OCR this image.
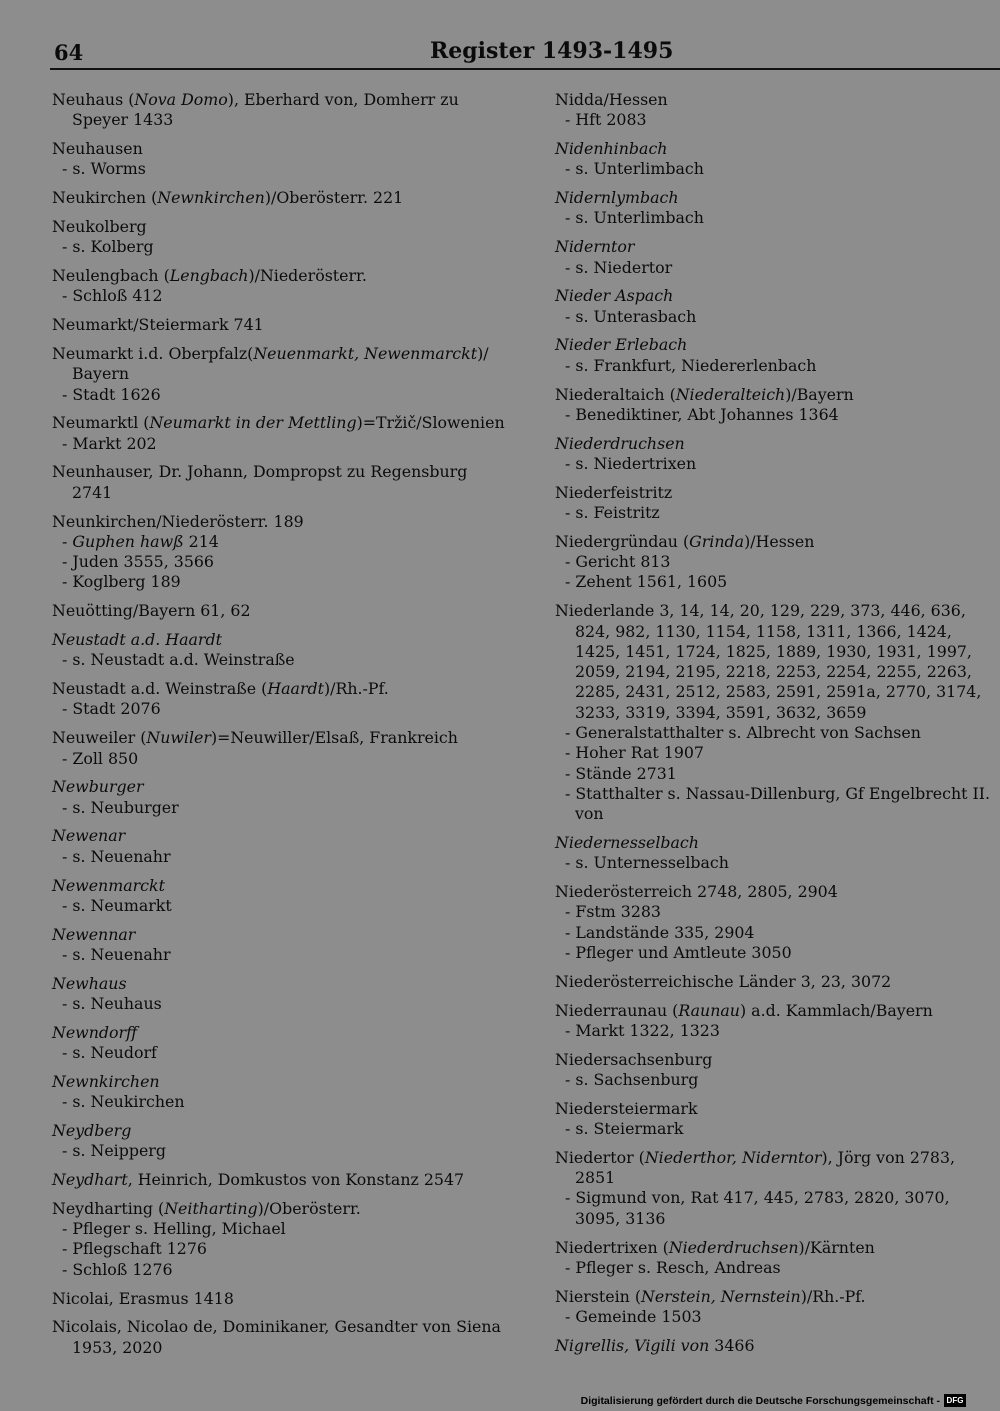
64	Register 1493-1495
Neuhaus (Nova Domo), Eberhard von, Domherr zu Speyer 1433
Neuhausen
- s. Worms
Neukirchen (Newnkirchen)/Oberösterr. 221
Neukolberg
- s. Kolberg
Neulengbach (Lengbach)/Niederösterr.
- Schloß 412
Neumarkt/Steiermark 741
Neumarkt i.d. Oberpfalz(Neuenmarkt, Newenmarckt)/ Bayern
- Stadt 1626
Neumarktl (Neumarkt in der Mettling)=Tržič/Slowenien
- Markt 202
Neunhauser, Dr. Johann, Dompropst zu Regensburg 2741
Neunkirchen/Niederösterr. 189
- Guphen hawß 214
- Juden 3555, 3566
- Koglberg 189
Neuötting/Bayern 61, 62
Neustadt a.d. Haardt
- s. Neustadt a.d. Weinstraße
Neustadt a.d. Weinstraße (Haardt)/Rh.-Pf.
- Stadt 2076
Neuweiler (Nuwiler)=Neuwiller/Elsaß, Frankreich
- Zoll 850
Newburger
- s. Neuburger
Newenar
- s. Neuenahr
Newenmarckt
- s. Neumarkt
Newennar
- s. Neuenahr
Newhaus
- s. Neuhaus
Newndorff
- s. Neudorf
Newnkirchen
- s. Neukirchen
Neydberg
- s. Neipperg
Neydhart, Heinrich, Domkustos von Konstanz 2547
Neydharting (Neitharting)/Oberösterr.
- Pfleger s. Helling, Michael
- Pflegschaft 1276
- Schloß 1276
Nicolai, Erasmus 1418
Nicolais, Nicolao de, Dominikaner, Gesandter von Siena 1953, 2020
Nidda/Hessen
- Hft 2083
Nidenhinbach
- s. Unterlimbach
Nidernlymbach
- s. Unterlimbach
Niderntor
- s. Niedertor
Nieder Aspach
- s. Unterasbach
Nieder Erlebach
- s. Frankfurt, Niedererlenbach
Niederaltaich (Niederalteich)/Bayern
- Benediktiner, Abt Johannes 1364
Niederdruchsen
- s. Niedertrixen
Niederfeistritz
- s. Feistritz
Niedergründau (Grinda)/Hessen
- Gericht 813
- Zehent 1561, 1605
Niederlande 3, 14, 14, 20, 129, 229, 373, 446, 636, 824, 982, 1130, 1154, 1158, 1311, 1366, 1424, 1425, 1451, 1724, 1825, 1889, 1930, 1931, 1997, 2059, 2194, 2195, 2218, 2253, 2254, 2255, 2263, 2285, 2431, 2512, 2583, 2591, 2591a, 2770, 3174, 3233, 3319, 3394, 3591, 3632, 3659
- Generalstatthalter s. Albrecht von Sachsen
- Hoher Rat 1907
- Stände 2731
- Statthalter s. Nassau-Dillenburg, Gf Engelbrecht II. von
Niedernesselbach
- s. Unternesselbach
Niederösterreich 2748, 2805, 2904
- Fstm 3283
- Landstände 335, 2904
- Pfleger und Amtleute 3050
Niederösterreichische Länder 3, 23, 3072
Niederraunau (Raunau) a.d. Kammlach/Bayern
- Markt 1322, 1323
Niedersachsenburg
- s. Sachsenburg
Niedersteiermark
- s. Steiermark
Niedertor (Niederthor, Niderntor), Jörg von 2783, 2851
- Sigmund von, Rat 417, 445, 2783, 2820, 3070, 3095, 3136
Niedertrixen (Niederdruchsen)/Kärnten
- Pfleger s. Resch, Andreas
Nierstein (Nerstein, Nernstein)/Rh.-Pf.
- Gemeinde 1503
Nigrellis, Vigili von 3466
Digitalisierung gefördert durch die Deutsche Forschungsgemeinschaft - DFG
